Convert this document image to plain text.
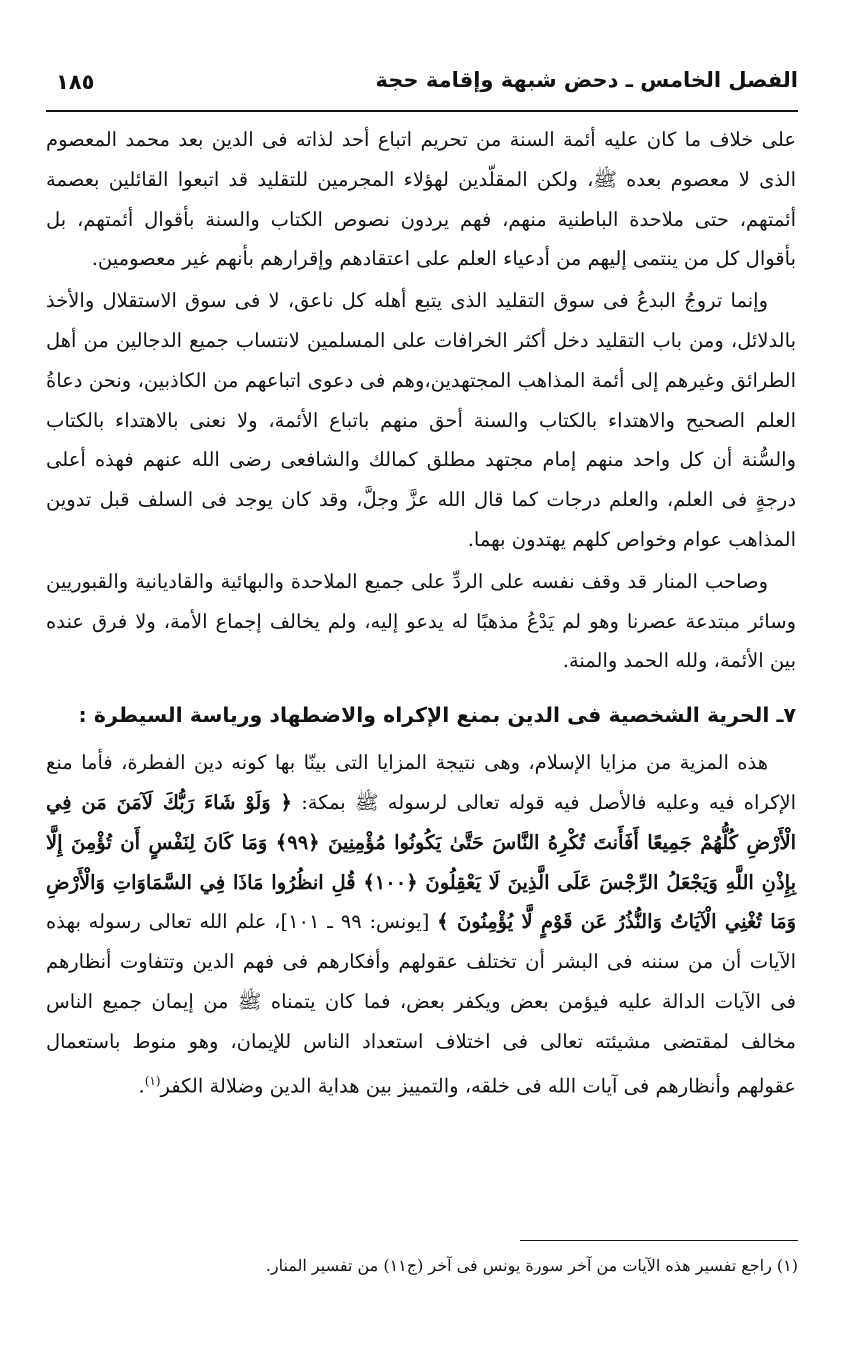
الفصل الخامس ـ دحض شبهة وإقامة حجة
١٨٥

على خلاف ما كان عليه أئمة السنة من تحريم اتباع أحد لذاته فى الدين بعد محمد المعصوم الذى لا معصوم بعده ﷺ، ولكن المقلّدين لهؤلاء المجرمين للتقليد قد اتبعوا القائلين بعصمة أئمتهم، حتى ملاحدة الباطنية منهم، فهم يردون نصوص الكتاب والسنة بأقوال أئمتهم، بل بأقوال كل من ينتمى إليهم من أدعياء العلم على اعتقادهم وإقرارهم بأنهم غير معصومين.

وإنما تروجُ البدعُ فى سوق التقليد الذى يتبع أهله كل ناعق، لا فى سوق الاستقلال والأخذ بالدلائل، ومن باب التقليد دخل أكثر الخرافات على المسلمين لانتساب جميع الدجالين من أهل الطرائق وغيرهم إلى أئمة المذاهب المجتهدين،وهم فى دعوى اتباعهم من الكاذبين، ونحن دعاةُ العلم الصحيح والاهتداء بالكتاب والسنة أحق منهم باتباع الأئمة، ولا نعنى بالاهتداء بالكتاب والسُّنة أن كل واحد منهم إمام مجتهد مطلق كمالك والشافعى رضى الله عنهم فهذه أعلى درجةٍ فى العلم، والعلم درجات كما قال الله عزَّ وجلَّ، وقد كان يوجد فى السلف قبل تدوين المذاهب عوام وخواص كلهم يهتدون بهما.

وصاحب المنار قد وقف نفسه على الردِّ على جميع الملاحدة والبهائية والقاديانية والقبوريين وسائر مبتدعة عصرنا وهو لم يَدْعُ مذهبًا له يدعو إليه، ولم يخالف إجماع الأمة، ولا فرق عنده بين الأئمة، ولله الحمد والمنة.

٧ـ الحرية الشخصية فى الدين بمنع الإكراه والاضطهاد ورياسة السيطرة :

هذه المزية من مزايا الإسلام، وهى نتيجة المزايا التى بينّا بها كونه دين الفطرة، فأما منع الإكراه فيه وعليه فالأصل فيه قوله تعالى لرسوله ﷺ بمكة: ﴿ وَلَوْ شَاءَ رَبُّكَ لَآمَنَ مَن فِي الْأَرْضِ كُلُّهُمْ جَمِيعًا أَفَأَنتَ تُكْرِهُ النَّاسَ حَتَّىٰ يَكُونُوا مُؤْمِنِينَ ﴿٩٩﴾ وَمَا كَانَ لِنَفْسٍ أَن تُؤْمِنَ إِلَّا بِإِذْنِ اللَّهِ وَيَجْعَلُ الرِّجْسَ عَلَى الَّذِينَ لَا يَعْقِلُونَ ﴿١٠٠﴾ قُلِ انظُرُوا مَاذَا فِي السَّمَاوَاتِ وَالْأَرْضِ وَمَا تُغْنِي الْآيَاتُ وَالنُّذُرُ عَن قَوْمٍ لَّا يُؤْمِنُونَ ﴾ [يونس: ٩٩ ـ ١٠١]، علم الله تعالى رسوله بهذه الآيات أن من سننه فى البشر أن تختلف عقولهم وأفكارهم فى فهم الدين وتتفاوت أنظارهم فى الآيات الدالة عليه فيؤمن بعض ويكفر بعض، فما كان يتمناه ﷺ من إيمان جميع الناس مخالف لمقتضى مشيئته تعالى فى اختلاف استعداد الناس للإيمان، وهو منوط باستعمال عقولهم وأنظارهم فى آيات الله فى خلقه، والتمييز بين هداية الدين وضلالة الكفر$^{(١)}$.

(١) راجع تفسير هذه الآيات من آخر سورة يونس فى آخر (ج١١) من تفسير المنار.
